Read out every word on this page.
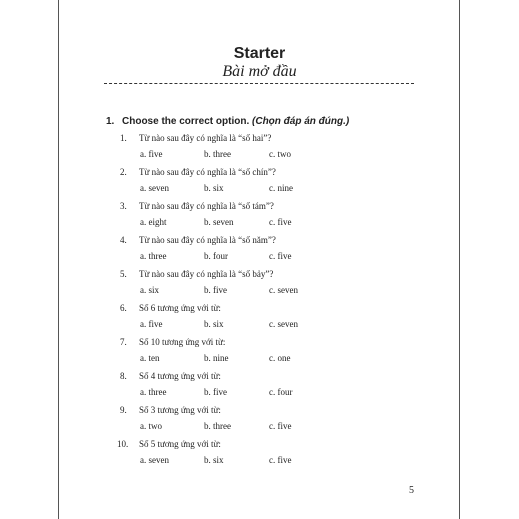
Starter
Bài mở đầu
1. Choose the correct option. (Chọn đáp án đúng.)
1. Từ nào sau đây có nghĩa là “số hai”?
a. five	b. three	c. two
2. Từ nào sau đây có nghĩa là “số chín”?
a. seven	b. six	c. nine
3. Từ nào sau đây có nghĩa là “số tám”?
a. eight	b. seven	c. five
4. Từ nào sau đây có nghĩa là “số năm”?
a. three	b. four	c. five
5. Từ nào sau đây có nghĩa là “số bảy”?
a. six	b. five	c. seven
6. Số 6 tương ứng với từ:
a. five	b. six	c. seven
7. Số 10 tương ứng với từ:
a. ten	b. nine	c. one
8. Số 4 tương ứng với từ:
a. three	b. five	c. four
9. Số 3 tương ứng với từ:
a. two	b. three	c. five
10. Số 5 tương ứng với từ:
a. seven	b. six	c. five
5
